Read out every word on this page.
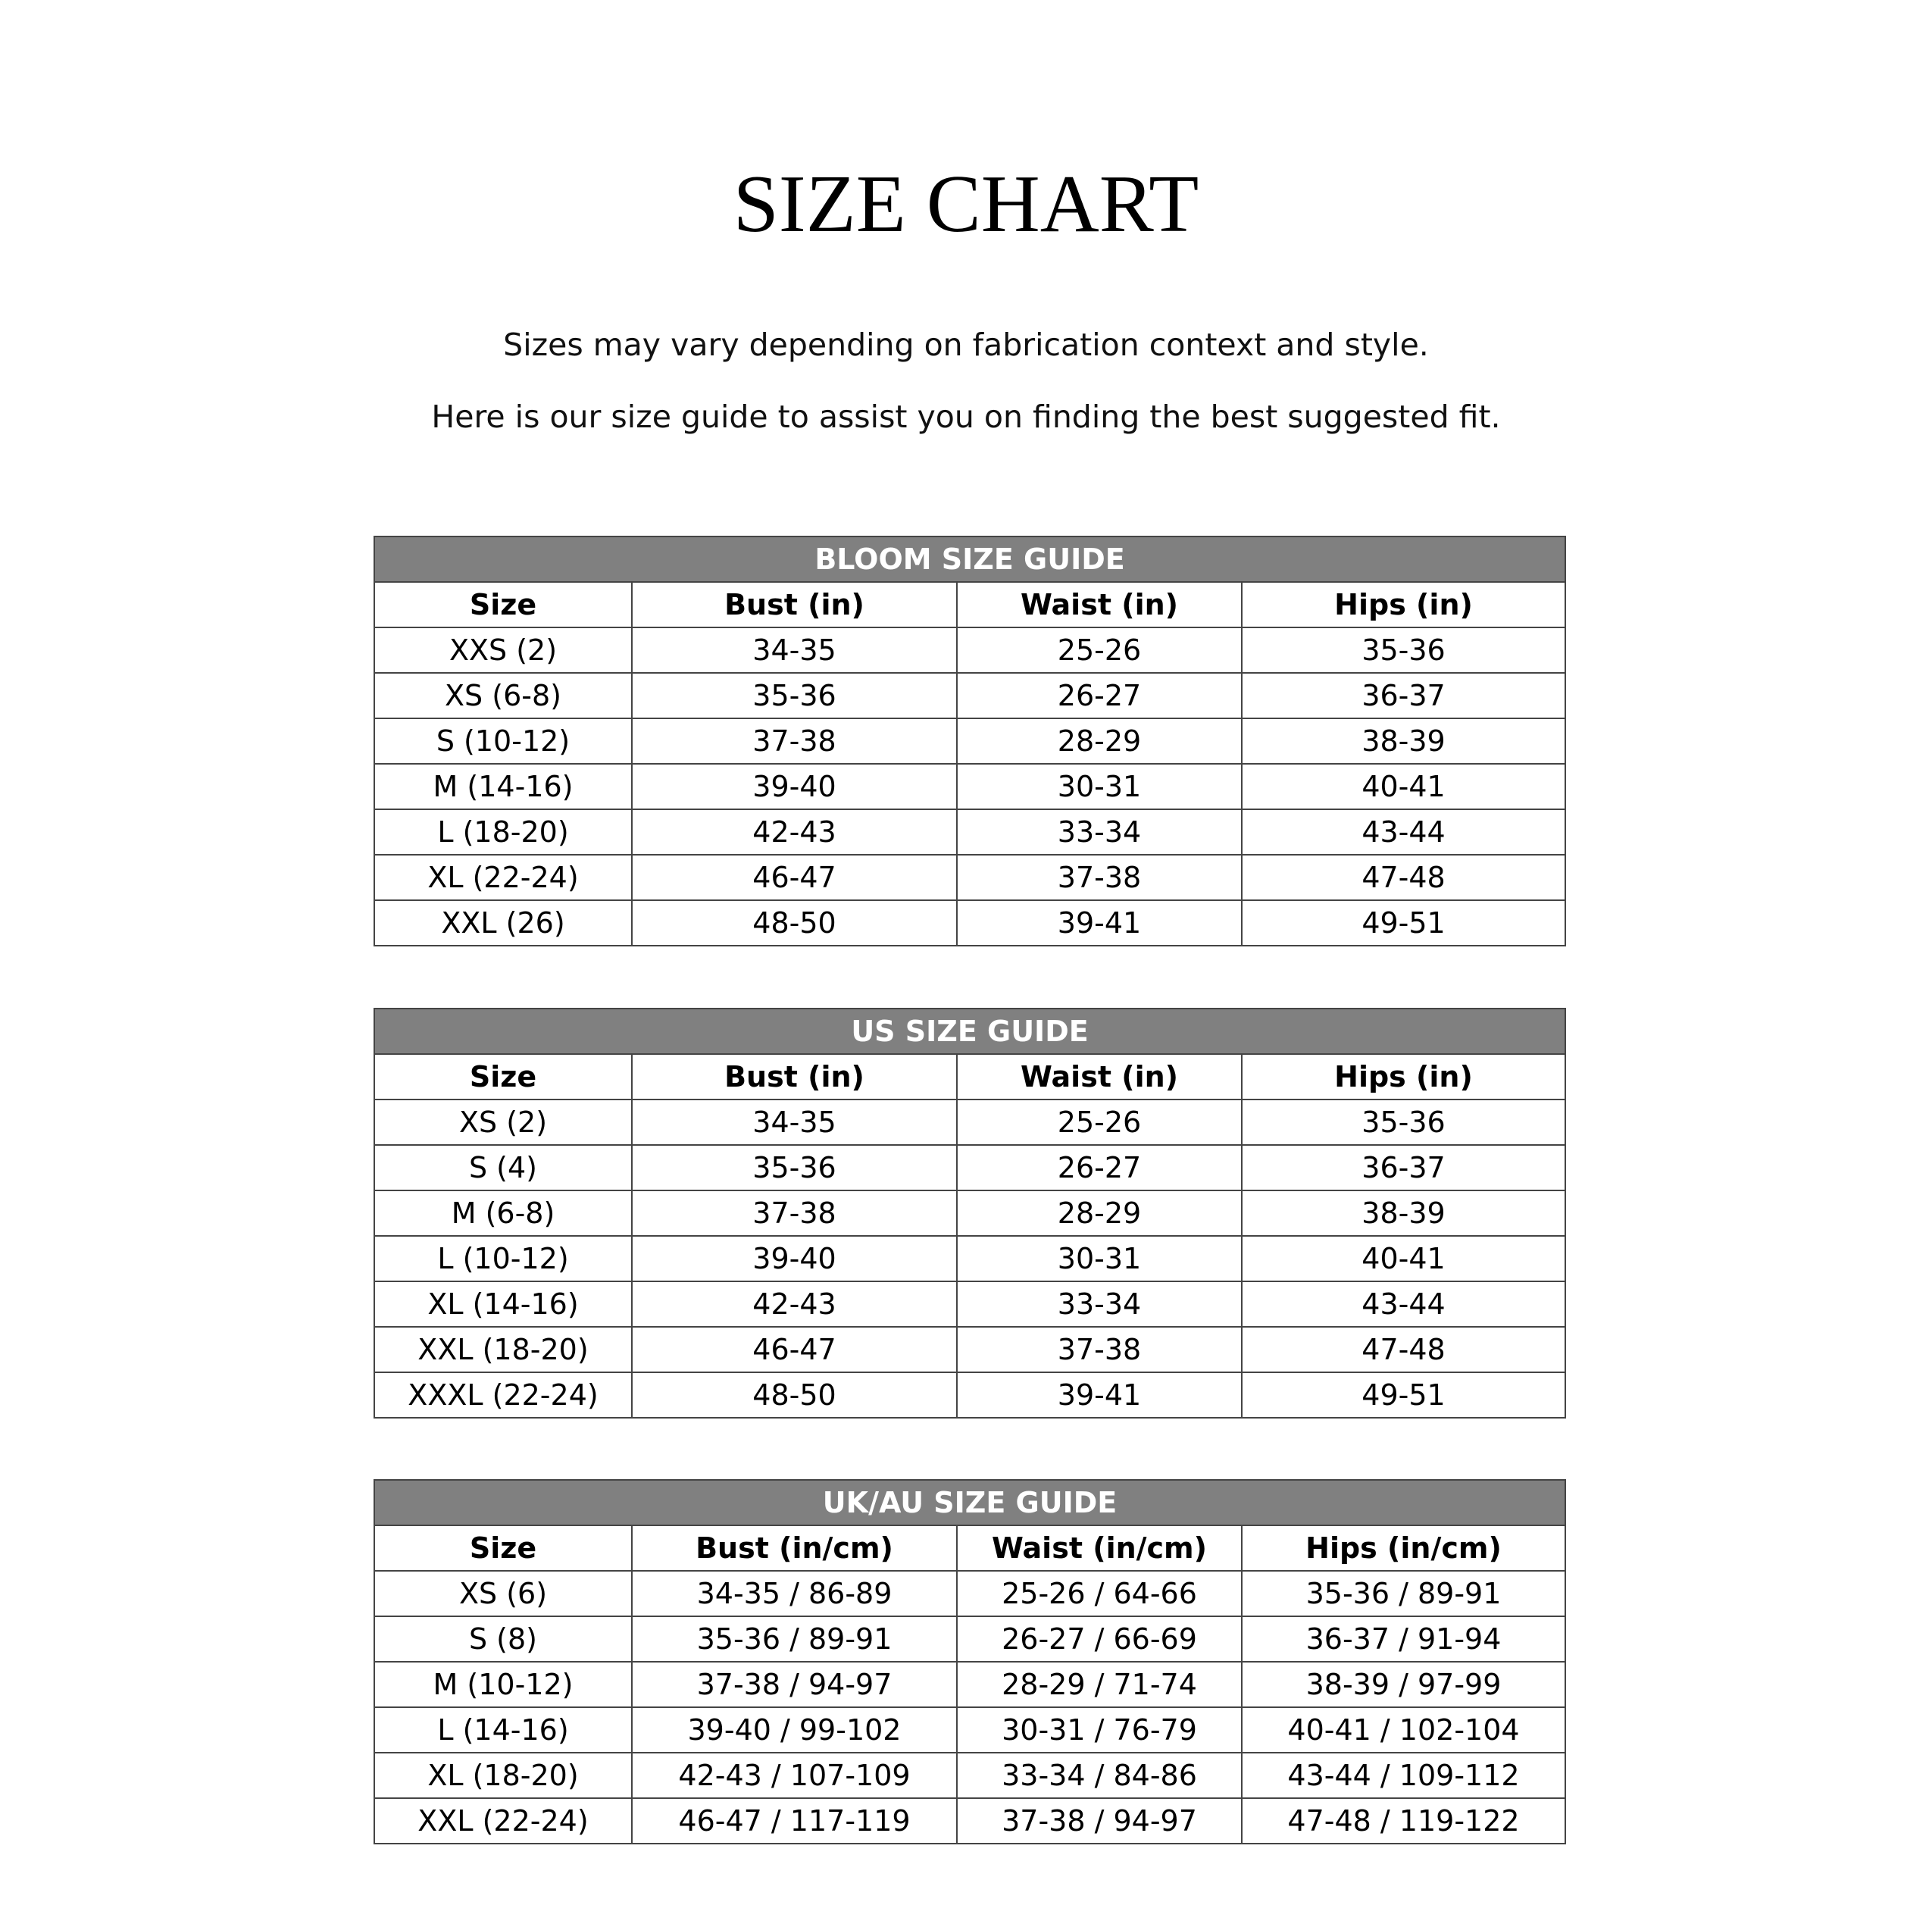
SIZE CHART

Sizes may vary depending on fabrication context and style.

Here is our size guide to assist you on finding the best suggested fit.

BLOOM SIZE GUIDE			
Size	Bust (in)	Waist (in)	Hips (in)
XXS (2)	34-35	25-26	35-36
XS (6-8)	35-36	26-27	36-37
S (10-12)	37-38	28-29	38-39
M (14-16)	39-40	30-31	40-41
L (18-20)	42-43	33-34	43-44
XL (22-24)	46-47	37-38	47-48
XXL (26)	48-50	39-41	49-51
US SIZE GUIDE			
Size	Bust (in)	Waist (in)	Hips (in)
XS (2)	34-35	25-26	35-36
S (4)	35-36	26-27	36-37
M (6-8)	37-38	28-29	38-39
L (10-12)	39-40	30-31	40-41
XL (14-16)	42-43	33-34	43-44
XXL (18-20)	46-47	37-38	47-48
XXXL (22-24)	48-50	39-41	49-51
UK/AU SIZE GUIDE			
Size	Bust (in/cm)	Waist (in/cm)	Hips (in/cm)
XS (6)	34-35 / 86-89	25-26 / 64-66	35-36 / 89-91
S (8)	35-36 / 89-91	26-27 / 66-69	36-37 / 91-94
M (10-12)	37-38 / 94-97	28-29 / 71-74	38-39 / 97-99
L (14-16)	39-40 / 99-102	30-31 / 76-79	40-41 / 102-104
XL (18-20)	42-43 / 107-109	33-34 / 84-86	43-44 / 109-112
XXL (22-24)	46-47 / 117-119	37-38 / 94-97	47-48 / 119-122
